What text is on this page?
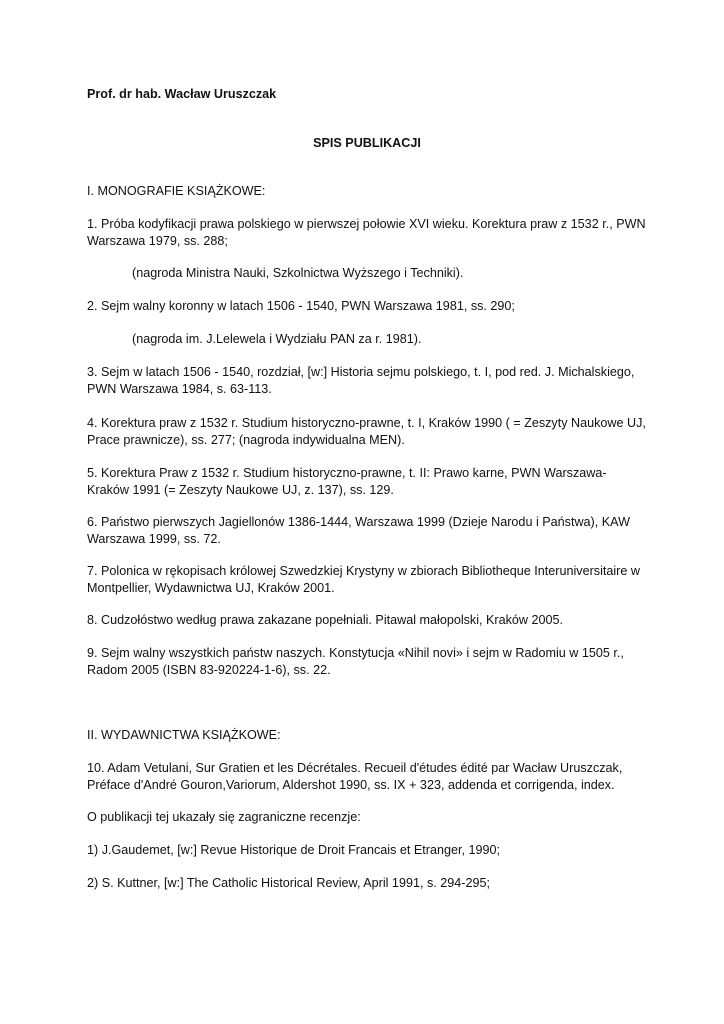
Prof. dr hab. Wacław Uruszczak

SPIS PUBLIKACJI

I. MONOGRAFIE KSIĄŻKOWE:

1. Próba kodyfikacji prawa polskiego w pierwszej połowie XVI wieku. Korektura praw z 1532 r., PWN Warszawa 1979, ss. 288;

(nagroda Ministra Nauki, Szkolnictwa Wyższego i Techniki).

2. Sejm walny koronny w latach 1506 ‑ 1540, PWN Warszawa 1981, ss. 290;

(nagroda im. J.Lelewela i Wydziału PAN za r. 1981).

3. Sejm w latach 1506 ‑ 1540, rozdział, [w:] Historia sejmu polskiego, t. I, pod red. J. Michalskiego, PWN Warszawa 1984, s. 63‑113.

4. Korektura praw z 1532 r. Studium historyczno‑prawne, t. I, Kraków 1990 ( = Zeszyty Naukowe UJ, Prace prawnicze), ss. 277; (nagroda indywidualna MEN).

5. Korektura Praw z 1532 r. Studium historyczno-prawne, t. II: Prawo karne, PWN Warszawa-Kraków 1991 (= Zeszyty Naukowe UJ, z. 137), ss. 129.

6. Państwo pierwszych Jagiellonów 1386-1444, Warszawa 1999 (Dzieje Narodu i Państwa), KAW Warszawa 1999, ss. 72.

7. Polonica w rękopisach królowej Szwedzkiej Krystyny w zbiorach Bibliotheque Interuniversitaire w Montpellier, Wydawnictwa UJ, Kraków 2001.

8. Cudzołóstwo według prawa zakazane popełniali. Pitawal małopolski, Kraków 2005.

9. Sejm walny wszystkich państw naszych. Konstytucja «Nihil novi» i sejm w Radomiu w 1505 r., Radom 2005 (ISBN 83-920224-1-6), ss. 22.

II. WYDAWNICTWA KSIĄŻKOWE:

10. Adam Vetulani, Sur Gratien et les Décrétales. Recueil d'études édité par Wacław Uruszczak, Préface d'André Gouron,Variorum, Aldershot 1990, ss. IX + 323, addenda et corrigenda, index.

O publikacji tej ukazały się zagraniczne recenzje:

1) J.Gaudemet, [w:] Revue Historique de Droit Francais et Etranger, 1990;

2) S. Kuttner, [w:] The Catholic Historical Review, April 1991, s. 294-295;
